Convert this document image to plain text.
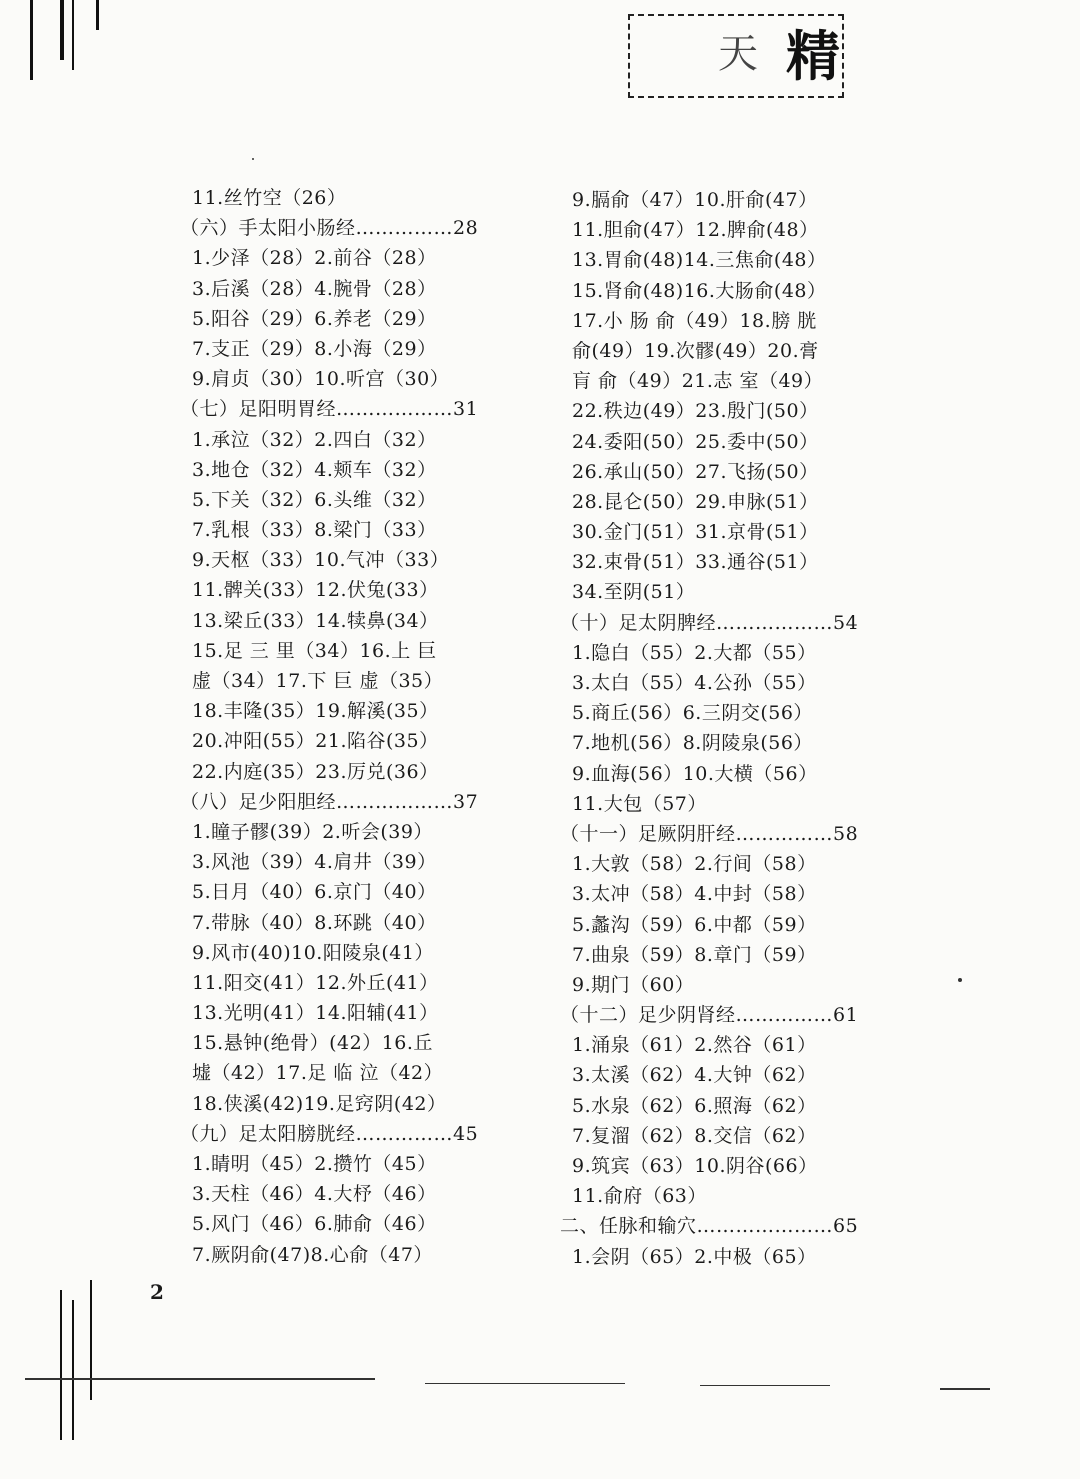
天 精
11.丝竹空（26）
（六）手太阳小肠经……………28
1.少泽（28）2.前谷（28）
3.后溪（28）4.腕骨（28）
5.阳谷（29）6.养老（29）
7.支正（29）8.小海（29）
9.肩贞（30）10.听宫（30）
（七）足阳明胃经………………31
1.承泣（32）2.四白（32）
3.地仓（32）4.颊车（32）
5.下关（32）6.头维（32）
7.乳根（33）8.梁门（33）
9.天枢（33）10.气冲（33）
11.髀关(33）12.伏兔(33）
13.梁丘(33）14.犊鼻(34）
15.足 三 里（34）16.上 巨
虚（34）17.下 巨 虚（35）
18.丰隆(35）19.解溪(35）
20.冲阳(55）21.陷谷(35）
22.内庭(35）23.厉兑(36）
（八）足少阳胆经………………37
1.瞳子髎(39）2.听会(39）
3.风池（39）4.肩井（39）
5.日月（40）6.京门（40）
7.带脉（40）8.环跳（40）
9.风市(40)10.阳陵泉(41）
11.阳交(41）12.外丘(41）
13.光明(41）14.阳辅(41）
15.悬钟(绝骨）(42）16.丘
墟（42）17.足 临 泣（42）
18.侠溪(42)19.足窍阴(42）
（九）足太阳膀胱经……………45
1.睛明（45）2.攒竹（45）
3.天柱（46）4.大杼（46）
5.风门（46）6.肺俞（46）
7.厥阴俞(47)8.心俞（47）
9.膈俞（47）10.肝俞(47）
11.胆俞(47）12.脾俞(48）
13.胃俞(48)14.三焦俞(48）
15.肾俞(48)16.大肠俞(48）
17.小 肠 俞（49）18.膀 胱
俞(49）19.次髎(49）20.膏
肓 俞（49）21.志 室（49）
22.秩边(49）23.殷门(50）
24.委阳(50）25.委中(50）
26.承山(50）27.飞扬(50）
28.昆仑(50）29.申脉(51）
30.金门(51）31.京骨(51）
32.束骨(51）33.通谷(51）
34.至阴(51）
（十）足太阴脾经………………54
1.隐白（55）2.大都（55）
3.太白（55）4.公孙（55）
5.商丘(56）6.三阴交(56）
7.地机(56）8.阴陵泉(56）
9.血海(56）10.大横（56）
11.大包（57）
（十一）足厥阴肝经……………58
1.大敦（58）2.行间（58）
3.太冲（58）4.中封（58）
5.蠡沟（59）6.中都（59）
7.曲泉（59）8.章门（59）
9.期门（60）
（十二）足少阴肾经……………61
1.涌泉（61）2.然谷（61）
3.太溪（62）4.大钟（62）
5.水泉（62）6.照海（62）
7.复溜（62）8.交信（62）
9.筑宾（63）10.阴谷(66）
11.俞府（63）
二、任脉和输穴…………………65
1.会阴（65）2.中极（65）
2
